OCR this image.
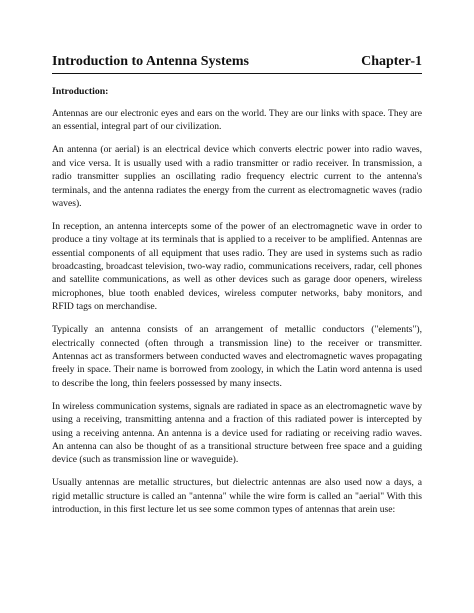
Introduction to Antenna Systems	Chapter-1
Introduction:

Antennas are our electronic eyes and ears on the world. They are our links with space. They are an essential, integral part of our civilization.

An antenna (or aerial) is an electrical device which converts electric power into radio waves, and vice versa. It is usually used with a radio transmitter or radio receiver. In transmission, a radio transmitter supplies an oscillating radio frequency electric current to the antenna's terminals, and the antenna radiates the energy from the current as electromagnetic waves (radio waves).

In reception, an antenna intercepts some of the power of an electromagnetic wave in order to produce a tiny voltage at its terminals that is applied to a receiver to be amplified. Antennas are essential components of all equipment that uses radio. They are used in systems such as radio broadcasting, broadcast television, two-way radio, communications receivers, radar, cell phones and satellite communications, as well as other devices such as garage door openers, wireless microphones, blue tooth enabled devices, wireless computer networks, baby monitors, and RFID tags on merchandise.

Typically an antenna consists of an arrangement of metallic conductors ("elements"), electrically connected (often through a transmission line) to the receiver or transmitter. Antennas act as transformers between conducted waves and electromagnetic waves propagating freely in space. Their name is borrowed from zoology, in which the Latin word antenna is used to describe the long, thin feelers possessed by many insects.

In wireless communication systems, signals are radiated in space as an electromagnetic wave by using a receiving, transmitting antenna and a fraction of this radiated power is intercepted by using a receiving antenna. An antenna is a device used for radiating or receiving radio waves. An antenna can also be thought of as a transitional structure between free space and a guiding device (such as transmission line or waveguide).

Usually antennas are metallic structures, but dielectric antennas are also used now a days, a rigid metallic structure is called an "antenna" while the wire form is called an "aerial" With this introduction, in this first lecture let us see some common types of antennas that arein use:
